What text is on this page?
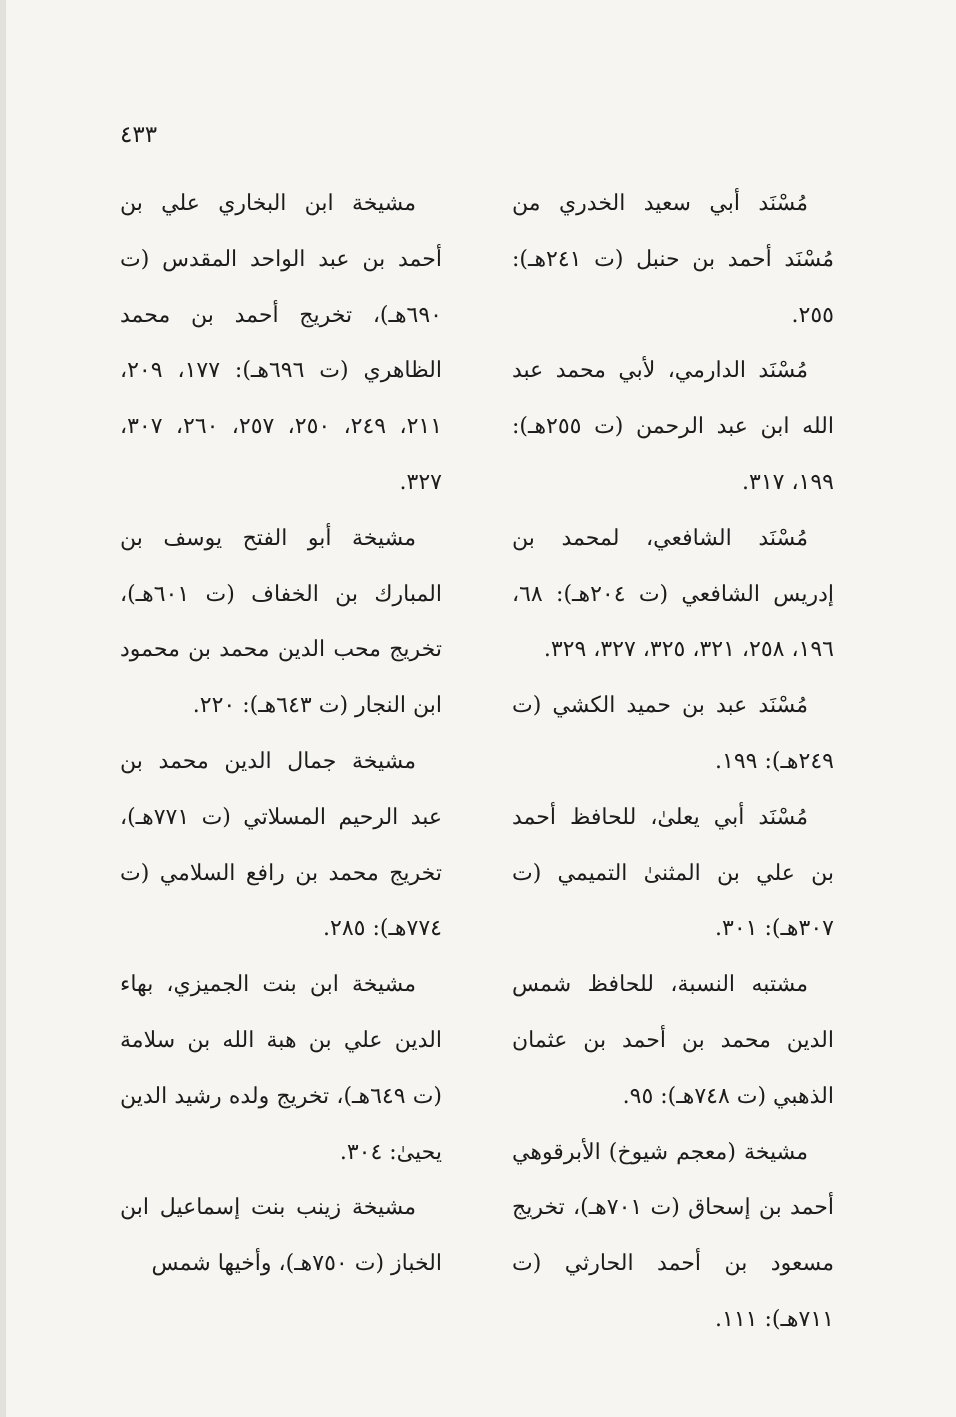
٤٣٣

مُسْنَد أبي سعيد الخدري من مُسْنَد أحمد بن حنبل (ت ٢٤١هـ): ٢٥٥.

مُسْنَد الدارمي، لأبي محمد عبد الله ابن عبد الرحمن (ت ٢٥٥هـ): ١٩٩، ٣١٧.

مُسْنَد الشافعي، لمحمد بن إدريس الشافعي (ت ٢٠٤هـ): ٦٨، ١٩٦، ٢٥٨، ٣٢١، ٣٢٥، ٣٢٧، ٣٢٩.

مُسْنَد عبد بن حميد الكشي (ت ٢٤٩هـ): ١٩٩.

مُسْنَد أبي يعلىٰ، للحافظ أحمد بن علي بن المثنىٰ التميمي (ت ٣٠٧هـ): ٣٠١.

مشتبه النسبة، للحافظ شمس الدين محمد بن أحمد بن عثمان الذهبي (ت ٧٤٨هـ): ٩٥.

مشيخة (معجم شيوخ) الأبرقوهي أحمد بن إسحاق (ت ٧٠١هـ)، تخريج مسعود بن أحمد الحارثي (ت ٧١١هـ): ١١١.

مشيخة ابن البخاري علي بن أحمد بن عبد الواحد المقدس (ت ٦٩٠هـ)، تخريج أحمد بن محمد الظاهري (ت ٦٩٦هـ): ١٧٧، ٢٠٩، ٢١١، ٢٤٩، ٢٥٠، ٢٥٧، ٢٦٠، ٣٠٧، ٣٢٧.

مشيخة أبو الفتح يوسف بن المبارك بن الخفاف (ت ٦٠١هـ)، تخريج محب الدين محمد بن محمود ابن النجار (ت ٦٤٣هـ): ٢٢٠.

مشيخة جمال الدين محمد بن عبد الرحيم المسلاتي (ت ٧٧١هـ)، تخريج محمد بن رافع السلامي (ت ٧٧٤هـ): ٢٨٥.

مشيخة ابن بنت الجميزي، بهاء الدين علي بن هبة الله بن سلامة (ت ٦٤٩هـ)، تخريج ولده رشيد الدين يحيىٰ: ٣٠٤.

مشيخة زينب بنت إسماعيل ابن الخباز (ت ٧٥٠هـ)، وأخيها شمس
